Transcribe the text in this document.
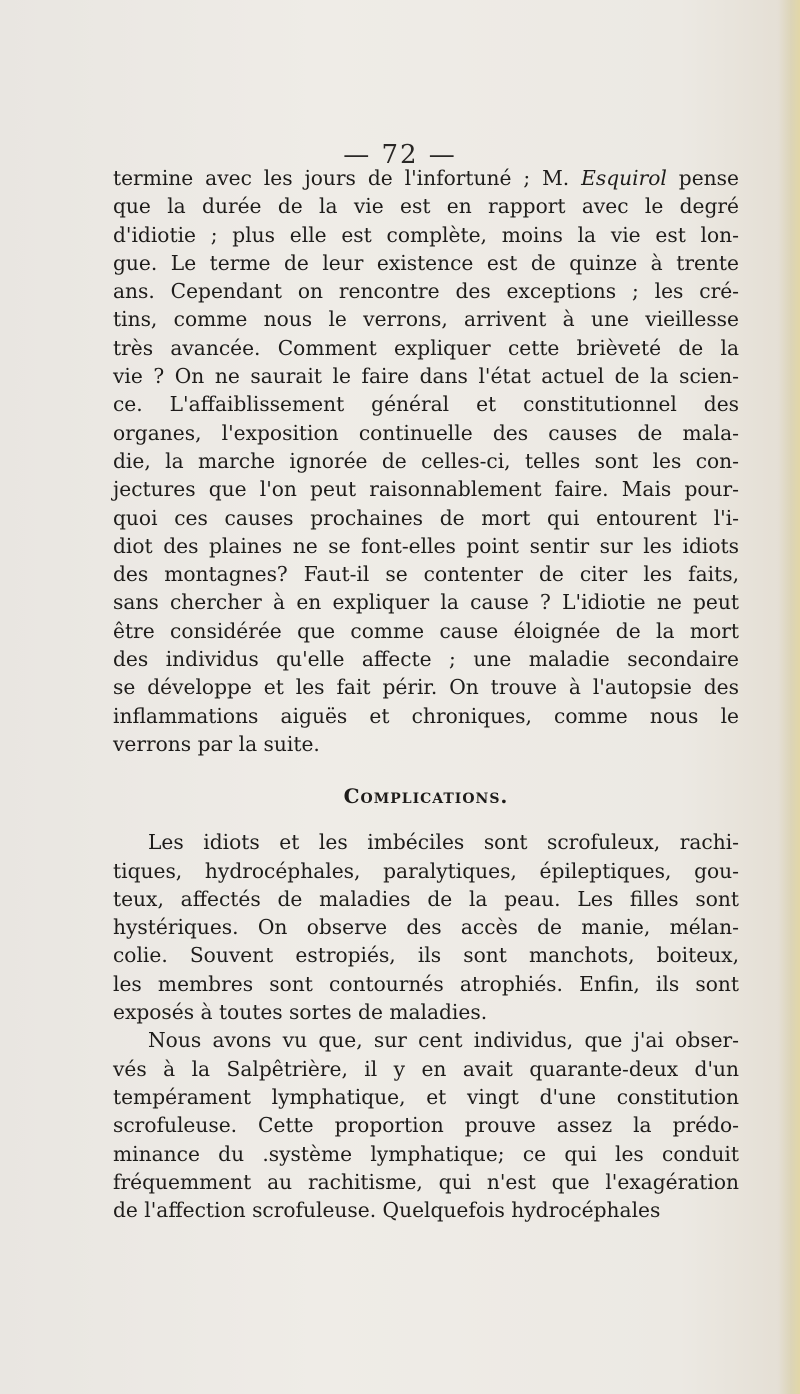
— 72 —

termine avec les jours de l'infortuné ; M. Esquirol pense
que la durée de la vie est en rapport avec le degré
d'idiotie ; plus elle est complète, moins la vie est lon-
gue. Le terme de leur existence est de quinze à trente
ans. Cependant on rencontre des exceptions ; les cré-
tins, comme nous le verrons, arrivent à une vieillesse
très avancée. Comment expliquer cette brièveté de la
vie ? On ne saurait le faire dans l'état actuel de la scien-
ce. L'affaiblissement général et constitutionnel des
organes, l'exposition continuelle des causes de mala-
die, la marche ignorée de celles-ci, telles sont les con-
jectures que l'on peut raisonnablement faire. Mais pour-
quoi ces causes prochaines de mort qui entourent l'i-
diot des plaines ne se font-elles point sentir sur les idiots
des montagnes? Faut-il se contenter de citer les faits,
sans chercher à en expliquer la cause ? L'idiotie ne peut
être considérée que comme cause éloignée de la mort
des individus qu'elle affecte ; une maladie secondaire
se développe et les fait périr. On trouve à l'autopsie des
inflammations aiguës et chroniques, comme nous le
verrons par la suite.
Complications.
Les idiots et les imbéciles sont scrofuleux, rachi-
tiques, hydrocéphales, paralytiques, épileptiques, gou-
teux, affectés de maladies de la peau. Les filles sont
hystériques. On observe des accès de manie, mélan-
colie. Souvent estropiés, ils sont manchots, boiteux,
les membres sont contournés atrophiés. Enfin, ils sont
exposés à toutes sortes de maladies.
Nous avons vu que, sur cent individus, que j'ai obser-
vés à la Salpêtrière, il y en avait quarante-deux d'un
tempérament lymphatique, et vingt d'une constitution
scrofuleuse. Cette proportion prouve assez la prédo-
minance du .système lymphatique; ce qui les conduit
fréquemment au rachitisme, qui n'est que l'exagération
de l'affection scrofuleuse. Quelquefois hydrocéphales
